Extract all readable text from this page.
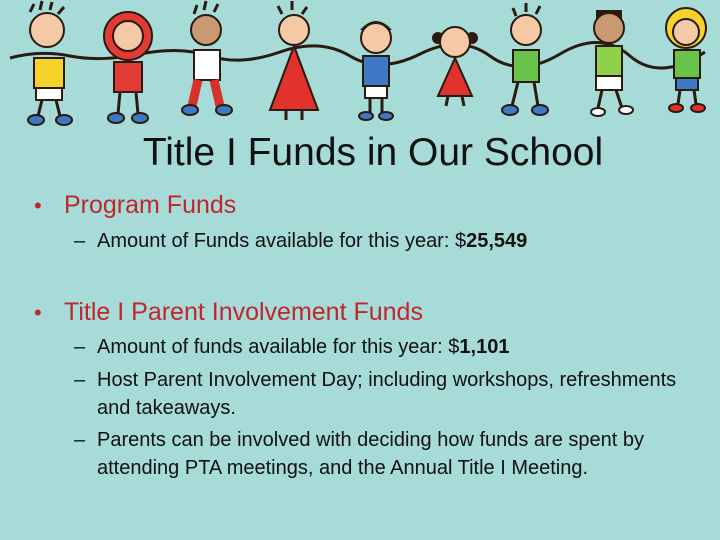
Title I Funds in Our School
• Program Funds
– Amount of Funds available for this year: $25,549
• Title I Parent Involvement Funds
– Amount of funds available for this year: $1,101
– Host Parent Involvement Day; including workshops, refreshments and takeaways.
– Parents can be involved with deciding how funds are spent by attending PTA meetings, and the Annual Title I Meeting.
